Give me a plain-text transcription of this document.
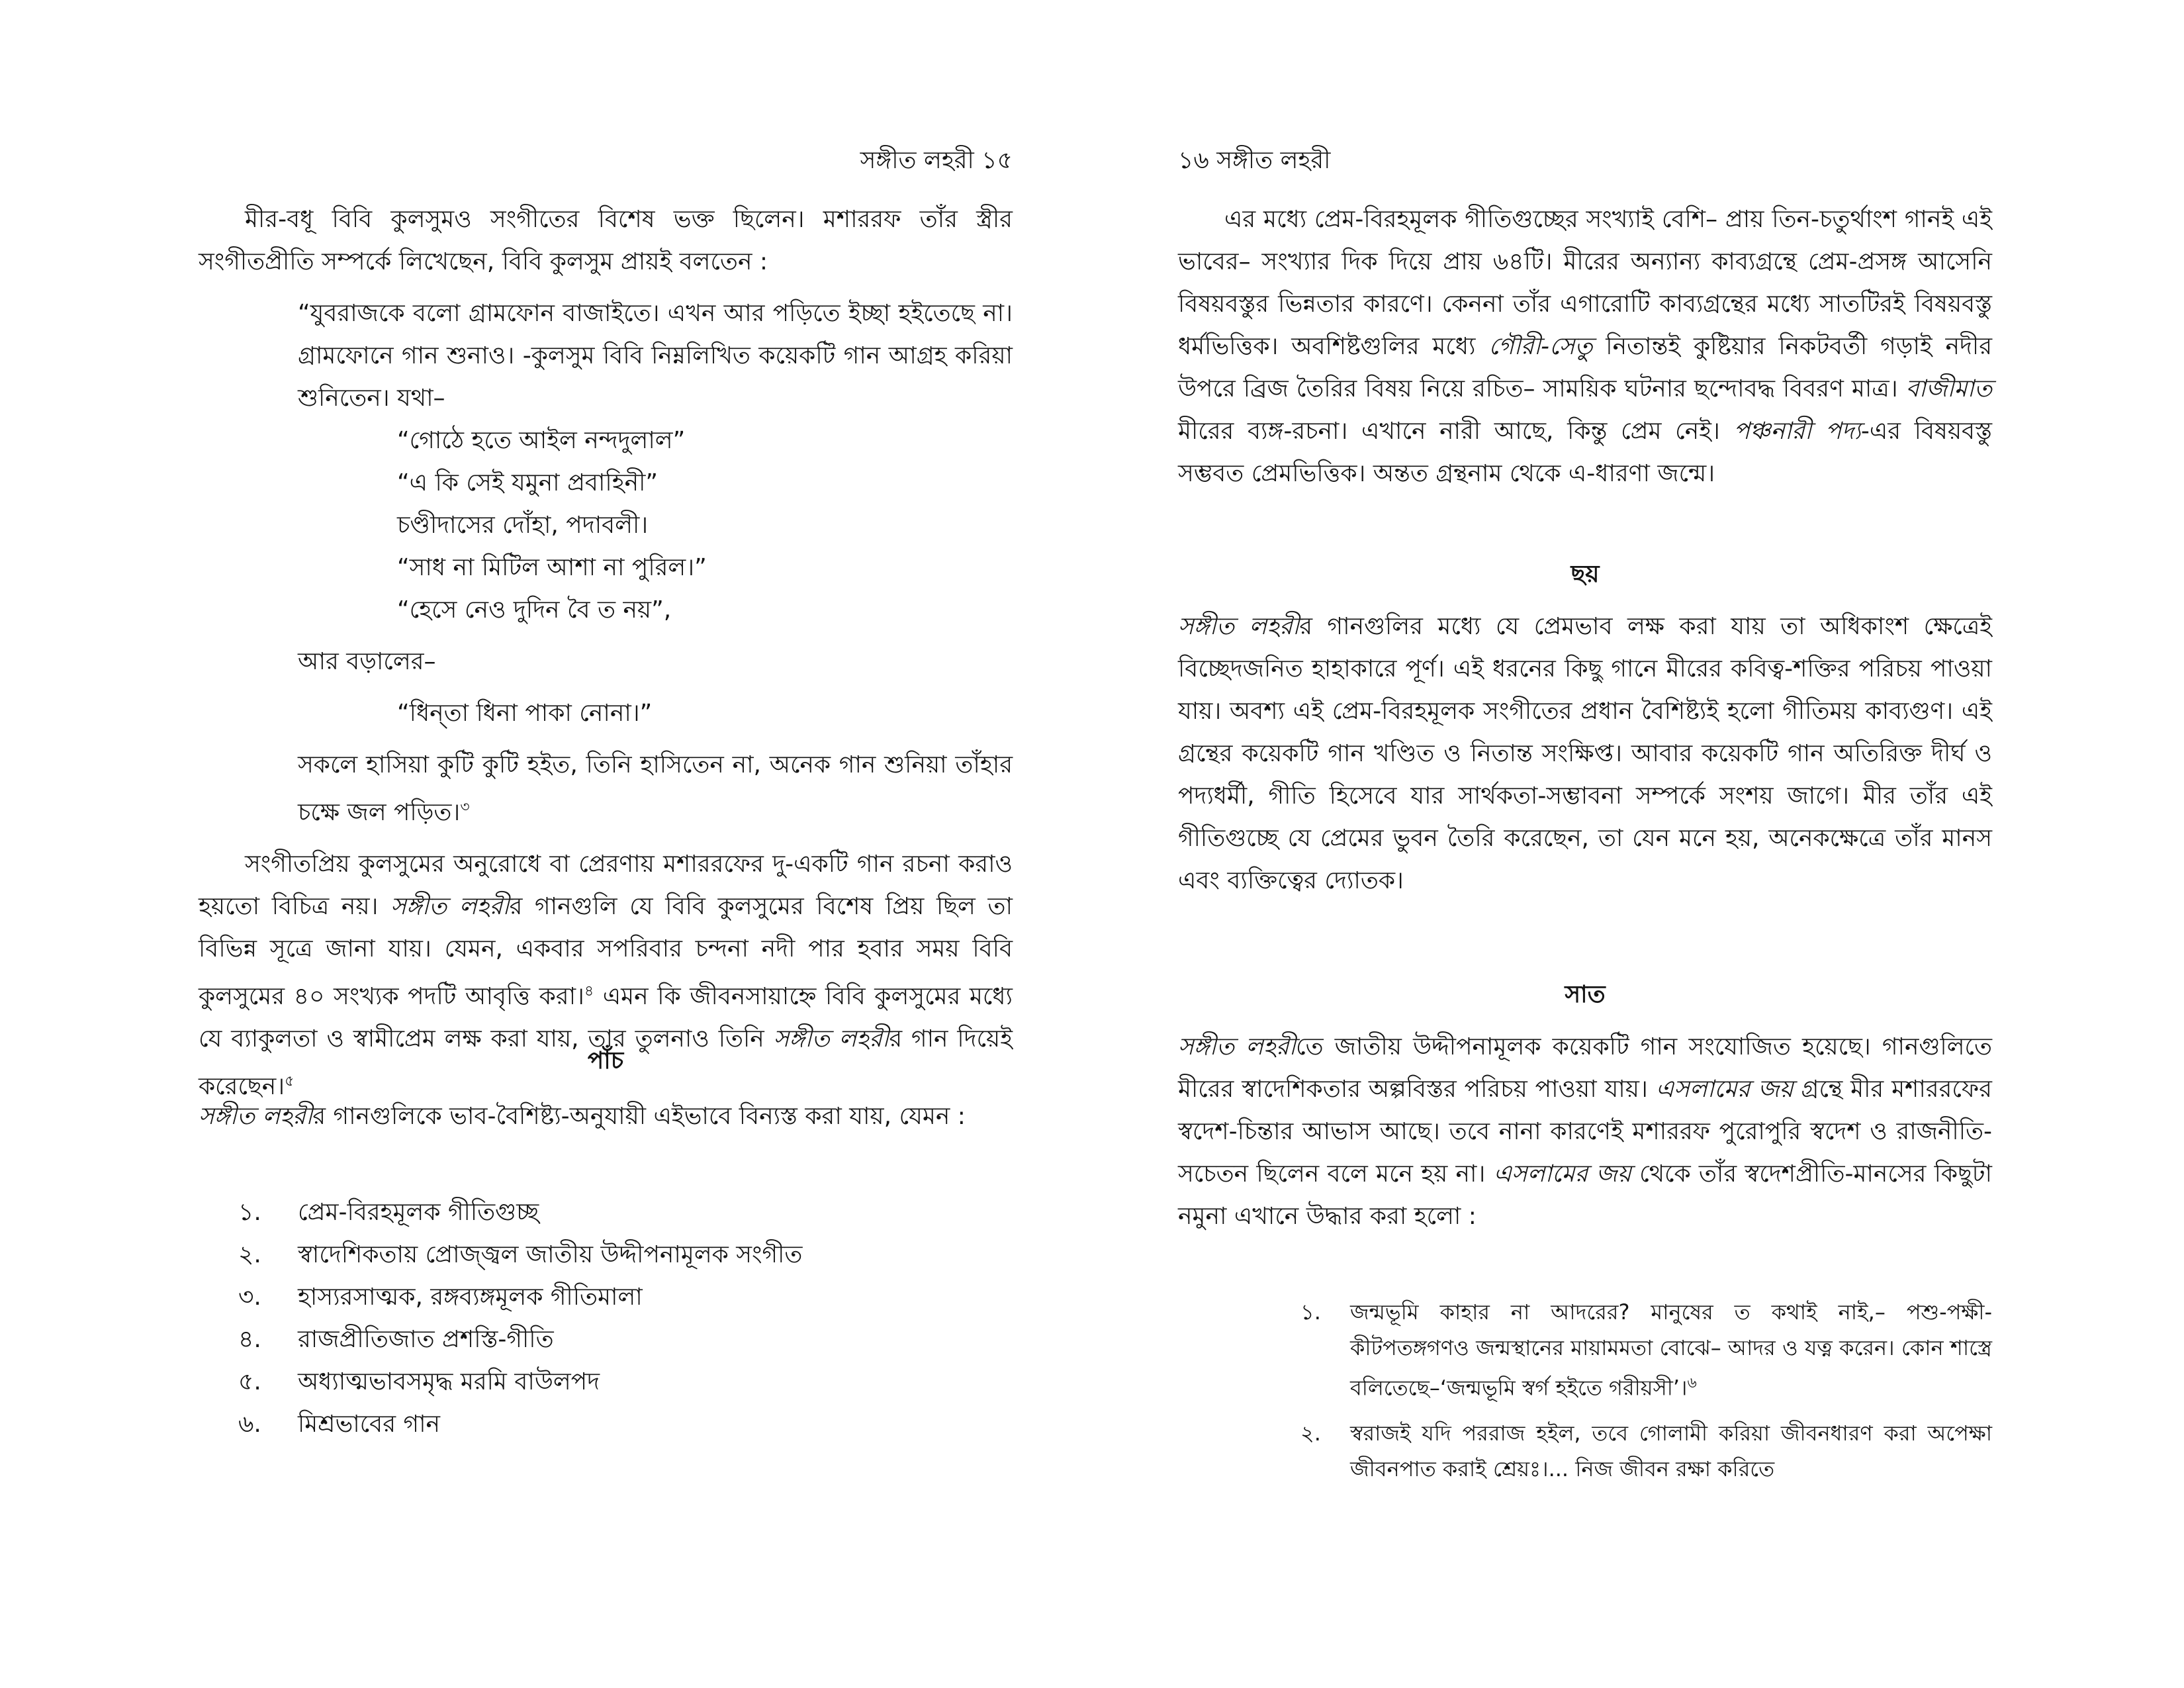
সঙ্গীত লহরী ১৫

মীর-বধূ বিবি কুলসুমও সংগীতের বিশেষ ভক্ত ছিলেন। মশাররফ তাঁর স্ত্রীর সংগীতপ্রীতি সম্পর্কে লিখেছেন, বিবি কুলসুম প্রায়ই বলতেন :

“যুবরাজকে বলো গ্রামফোন বাজাইতে। এখন আর পড়িতে ইচ্ছা হইতেছে না। গ্রামফোনে গান শুনাও। -কুলসুম বিবি নিম্নলিখিত কয়েকটি গান আগ্রহ করিয়া শুনিতেন। যথা–

“গোঠে হতে আইল নন্দদুলাল”

“এ কি সেই যমুনা প্রবাহিনী”

চণ্ডীদাসের দোঁহা, পদাবলী।

“সাধ না মিটিল আশা না পুরিল।”

“হেসে নেও দুদিন বৈ ত নয়”,

আর বড়ালের–

“ধিন্‌তা ধিনা পাকা নোনা।”

সকলে হাসিয়া কুটি কুটি হইত, তিনি হাসিতেন না, অনেক গান শুনিয়া তাঁহার চক্ষে জল পড়িত।$^৩$

সংগীতপ্রিয় কুলসুমের অনুরোধে বা প্রেরণায় মশাররফের দু-একটি গান রচনা করাও হয়তো বিচিত্র নয়। সঙ্গীত লহরীর গানগুলি যে বিবি কুলসুমের বিশেষ প্রিয় ছিল তা বিভিন্ন সূত্রে জানা যায়। যেমন, একবার সপরিবার চন্দনা নদী পার হবার সময় বিবি কুলসুমের ৪০ সংখ্যক পদটি আবৃত্তি করা।$^৪$ এমন কি জীবনসায়াহ্নে বিবি কুলসুমের মধ্যে যে ব্যাকুলতা ও স্বামীপ্রেম লক্ষ করা যায়, তার তুলনাও তিনি সঙ্গীত লহরীর গান দিয়েই করেছেন।$^৫$

পাঁচ

সঙ্গীত লহরীর গানগুলিকে ভাব-বৈশিষ্ট্য-অনুযায়ী এইভাবে বিন্যস্ত করা যায়, যেমন :

১. প্রেম-বিরহমূলক গীতিগুচ্ছ
২. স্বাদেশিকতায় প্রোজ্জ্বল জাতীয় উদ্দীপনামূলক সংগীত
৩. হাস্যরসাত্মক, রঙ্গব্যঙ্গমূলক গীতিমালা
৪. রাজপ্রীতিজাত প্রশস্তি-গীতি
৫. অধ্যাত্মভাবসমৃদ্ধ মরমি বাউলপদ
৬. মিশ্রভাবের গান
১৬ সঙ্গীত লহরী

এর মধ্যে প্রেম-বিরহমূলক গীতিগুচ্ছের সংখ্যাই বেশি– প্রায় তিন-চতুর্থাংশ গানই এই ভাবের– সংখ্যার দিক দিয়ে প্রায় ৬৪টি। মীরের অন্যান্য কাব্যগ্রন্থে প্রেম-প্রসঙ্গ আসেনি বিষয়বস্তুর ভিন্নতার কারণে। কেননা তাঁর এগারোটি কাব্যগ্রন্থের মধ্যে সাতটিরই বিষয়বস্তু ধর্মভিত্তিক। অবশিষ্টগুলির মধ্যে গৌরী-সেতু নিতান্তই কুষ্টিয়ার নিকটবর্তী গড়াই নদীর উপরে ব্রিজ তৈরির বিষয় নিয়ে রচিত– সাময়িক ঘটনার ছন্দোবদ্ধ বিবরণ মাত্র। বাজীমাত মীরের ব্যঙ্গ-রচনা। এখানে নারী আছে, কিন্তু প্রেম নেই। পঞ্চনারী পদ্য-এর বিষয়বস্তু সম্ভবত প্রেমভিত্তিক। অন্তত গ্রন্থনাম থেকে এ-ধারণা জন্মে।

ছয়

সঙ্গীত লহরীর গানগুলির মধ্যে যে প্রেমভাব লক্ষ করা যায় তা অধিকাংশ ক্ষেত্রেই বিচ্ছেদজনিত হাহাকারে পূর্ণ। এই ধরনের কিছু গানে মীরের কবিত্ব-শক্তির পরিচয় পাওয়া যায়। অবশ্য এই প্রেম-বিরহমূলক সংগীতের প্রধান বৈশিষ্ট্যই হলো গীতিময় কাব্যগুণ। এই গ্রন্থের কয়েকটি গান খণ্ডিত ও নিতান্ত সংক্ষিপ্ত। আবার কয়েকটি গান অতিরিক্ত দীর্ঘ ও পদ্যধর্মী, গীতি হিসেবে যার সার্থকতা-সম্ভাবনা সম্পর্কে সংশয় জাগে। মীর তাঁর এই গীতিগুচ্ছে যে প্রেমের ভুবন তৈরি করেছেন, তা যেন মনে হয়, অনেকক্ষেত্রে তাঁর মানস এবং ব্যক্তিত্বের দ্যোতক।

সাত

সঙ্গীত লহরীতে জাতীয় উদ্দীপনামূলক কয়েকটি গান সংযোজিত হয়েছে। গানগুলিতে মীরের স্বাদেশিকতার অল্পবিস্তর পরিচয় পাওয়া যায়। এসলামের জয় গ্রন্থে মীর মশাররফের স্বদেশ-চিন্তার আভাস আছে। তবে নানা কারণেই মশাররফ পুরোপুরি স্বদেশ ও রাজনীতি-সচেতন ছিলেন বলে মনে হয় না। এসলামের জয় থেকে তাঁর স্বদেশপ্রীতি-মানসের কিছুটা নমুনা এখানে উদ্ধার করা হলো :

১. জন্মভূমি কাহার না আদরের? মানুষের ত কথাই নাই,– পশু-পক্ষী-কীটপতঙ্গগণও জন্মস্থানের মায়ামমতা বোঝে– আদর ও যত্ন করেন। কোন শাস্ত্রে বলিতেছে–‘জন্মভূমি স্বর্গ হইতে গরীয়সী’।$^৬$
২. স্বরাজই যদি পররাজ হইল, তবে গোলামী করিয়া জীবনধারণ করা অপেক্ষা জীবনপাত করাই শ্রেয়ঃ।... নিজ জীবন রক্ষা করিতে
